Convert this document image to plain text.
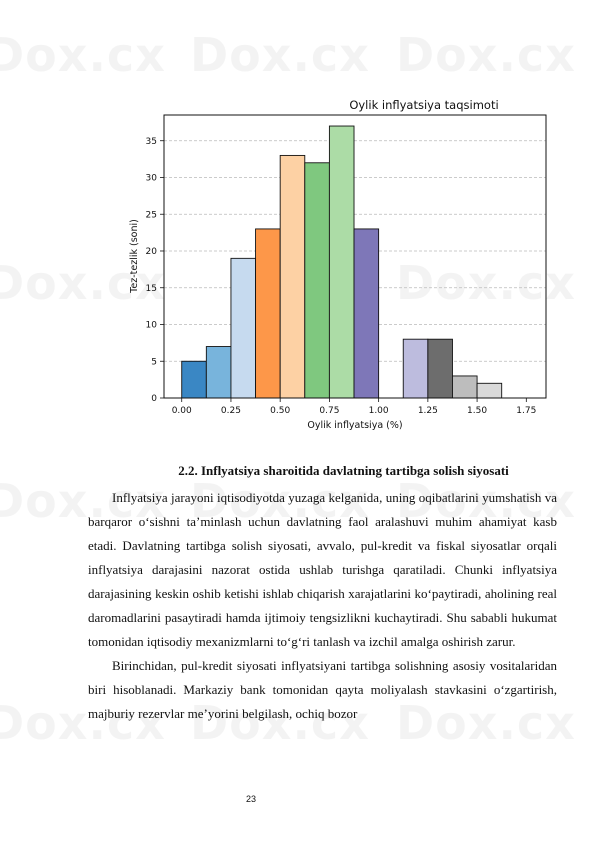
Oylik inflyatsiya taqsimoti
0.00	0.25	0.50	0.75	1.00	1.25	1.50	1.75
0
5
10
15
20
25
30
35
Oylik inflyatsiya (%)
Tez-tezlik (soni)
2.2. Inflyatsiya sharoitida davlatning tartibga solish siyosati

Inflyatsiya jarayoni iqtisodiyotda yuzaga kelganida, uning oqibatlarini yumshatish va barqaror o‘sishni ta’minlash uchun davlatning faol aralashuvi muhim ahamiyat kasb etadi. Davlatning tartibga solish siyosati, avvalo, pul-kredit va fiskal siyosatlar orqali inflyatsiya darajasini nazorat ostida ushlab turishga qaratiladi. Chunki inflyatsiya darajasining keskin oshib ketishi ishlab chiqarish xarajatlarini ko‘paytiradi, aholining real daromadlarini pasaytiradi hamda ijtimoiy tengsizlikni kuchaytiradi. Shu sababli hukumat tomonidan iqtisodiy mexanizmlarni to‘g‘ri tanlash va izchil amalga oshirish zarur.

Birinchidan, pul-kredit siyosati inflyatsiyani tartibga solishning asosiy vositalaridan biri hisoblanadi. Markaziy bank tomonidan qayta moliyalash stavkasini o‘zgartirish, majburiy rezervlar me’yorini belgilash, ochiq bozor

23
